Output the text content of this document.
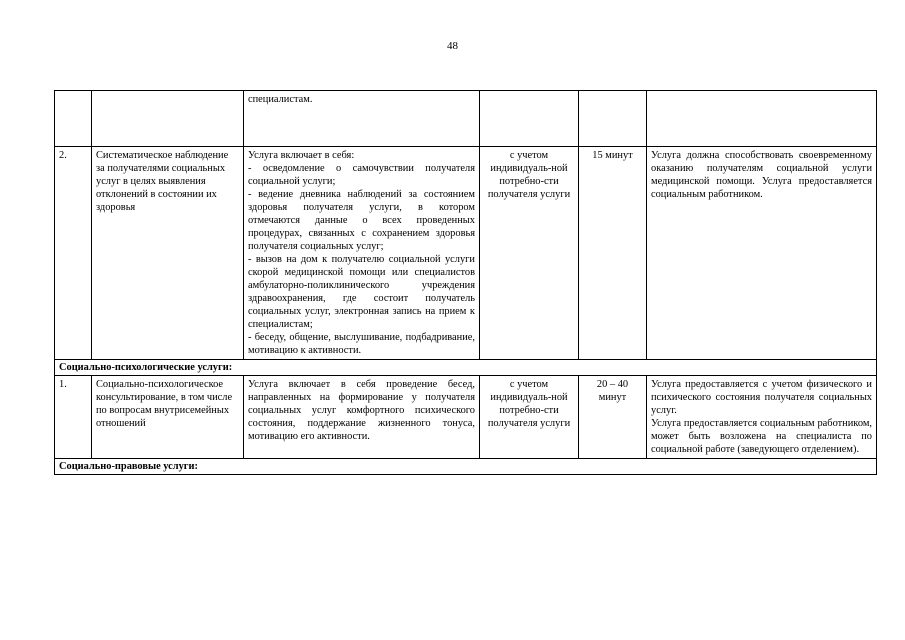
48
		специалистам.			
2.	Систематическое наблюдение за получателями социальных услуг в целях выявления отклонений в состоянии их здоровья	Услуга включает в себя:
- осведомление о самочувствии получателя социальной услуги;
- ведение дневника наблюдений за состоянием здоровья получателя услуги, в котором отмечаются данные о всех проведенных процедурах, связанных с сохранением здоровья получателя социальных услуг;
- вызов на дом к получателю социальной услуги скорой медицинской помощи или специалистов амбулаторно-поликлинического учреждения здравоохранения, где состоит получатель социальных услуг, электронная запись на прием к специалистам;
- беседу, общение, выслушивание, подбадривание, мотивацию к активности.	с учетом индивидуаль-ной потребно-сти получателя услуги	15 минут	Услуга должна способствовать своевременному оказанию получателям социальной услуги медицинской помощи. Услуга предоставляется социальным работником.
Социально-психологические услуги:					
1.	Социально-психологическое консультирование, в том числе по вопросам внутрисемейных отношений	Услуга включает в себя проведение бесед, направленных на формирование у получателя социальных услуг комфортного психического состояния, поддержание жизненного тонуса, мотивацию его активности.	с учетом индивидуаль-ной потребно-сти получателя услуги	20 – 40 минут	Услуга предоставляется с учетом физического и психического состояния получателя социальных услуг.
Услуга предоставляется социальным работником, может быть возложена на специалиста по социальной работе (заведующего отделением).

Социально-правовые услуги:					
